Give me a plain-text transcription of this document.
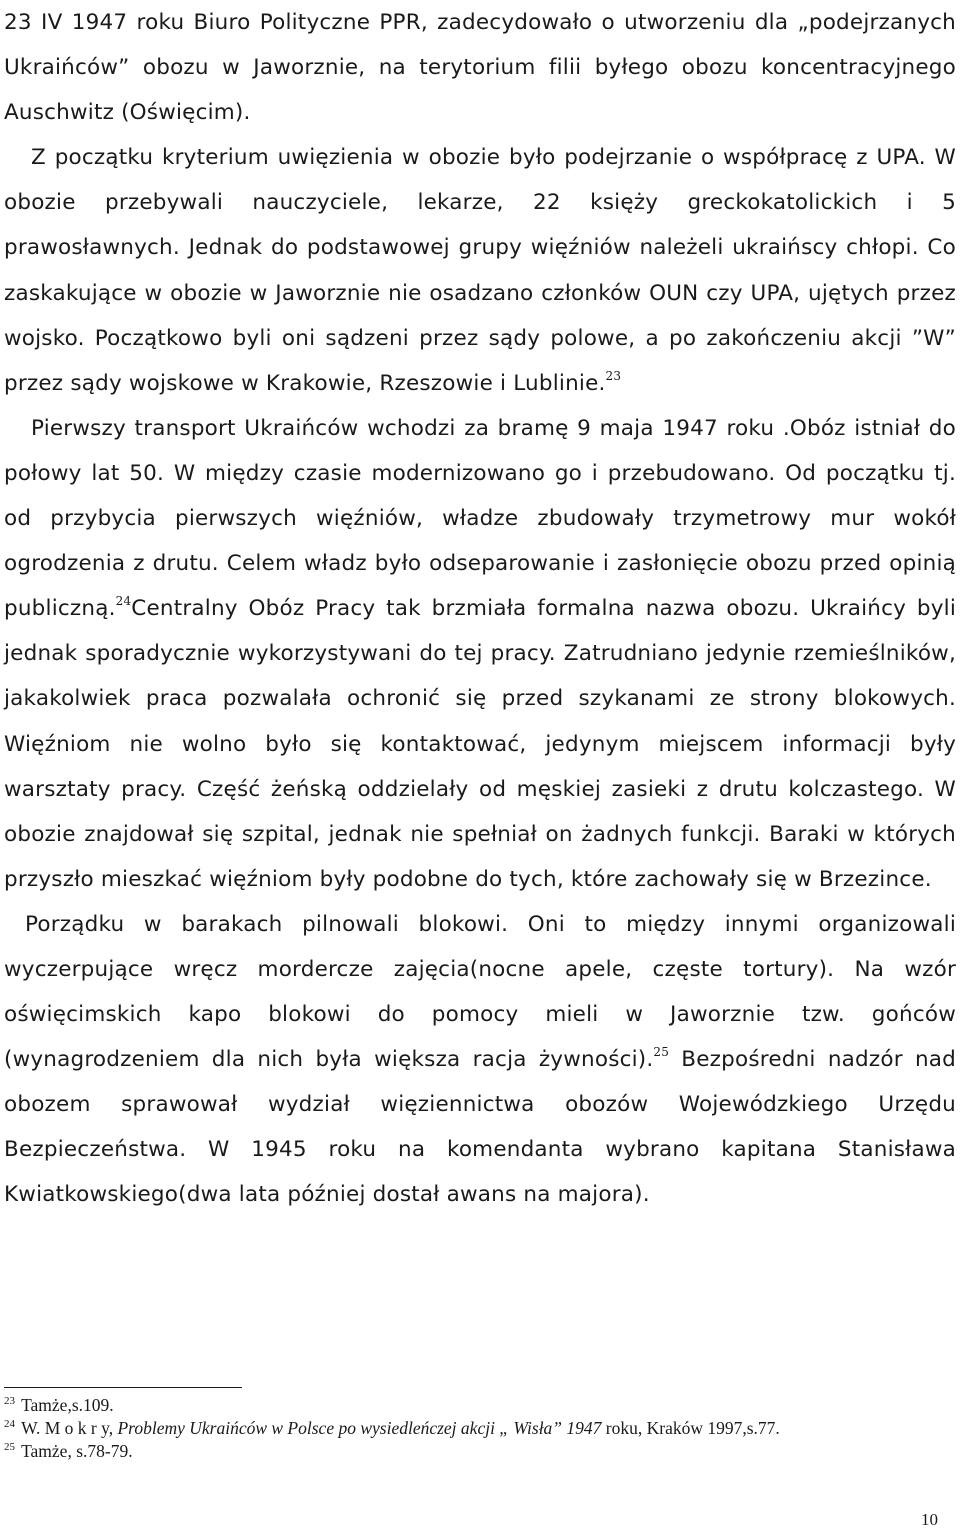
23 IV 1947 roku Biuro Polityczne PPR, zadecydowało o utworzeniu dla „podejrzanych Ukraińców” obozu w Jaworznie, na terytorium filii byłego obozu koncentracyjnego Auschwitz (Oświęcim).

Z początku kryterium uwięzienia w obozie było podejrzanie o współpracę z UPA. W obozie przebywali nauczyciele, lekarze, 22 księży greckokatolickich i 5 prawosławnych. Jednak do podstawowej grupy więźniów należeli ukraińscy chłopi. Co zaskakujące w obozie w Jaworznie nie osadzano członków OUN czy UPA, ujętych przez wojsko. Początkowo byli oni sądzeni przez sądy polowe, a po zakończeniu akcji ”W” przez sądy wojskowe w Krakowie, Rzeszowie i Lublinie.$^{23}$

Pierwszy transport Ukraińców wchodzi za bramę 9 maja 1947 roku .Obóz istniał do połowy lat 50. W między czasie modernizowano go i przebudowano. Od początku tj. od przybycia pierwszych więźniów, władze zbudowały trzymetrowy mur wokół ogrodzenia z drutu. Celem władz było odseparowanie i zasłonięcie obozu przed opinią publiczną.$^{24}$Centralny Obóz Pracy tak brzmiała formalna nazwa obozu. Ukraińcy byli jednak sporadycznie wykorzystywani do tej pracy. Zatrudniano jedynie rzemieślników, jakakolwiek praca pozwalała ochronić się przed szykanami ze strony blokowych. Więźniom nie wolno było się kontaktować, jedynym miejscem informacji były warsztaty pracy. Część żeńską oddzielały od męskiej zasieki z drutu kolczastego. W obozie znajdował się szpital, jednak nie spełniał on żadnych funkcji. Baraki w których przyszło mieszkać więźniom były podobne do tych, które zachowały się w Brzezince.

Porządku w barakach pilnowali blokowi. Oni to między innymi organizowali wyczerpujące wręcz mordercze zajęcia(nocne apele, częste tortury). Na wzór oświęcimskich kapo blokowi do pomocy mieli w Jaworznie tzw. gońców (wynagrodzeniem dla nich była większa racja żywności).$^{25}$ Bezpośredni nadzór nad obozem sprawował wydział więziennictwa obozów Wojewódzkiego Urzędu Bezpieczeństwa. W 1945 roku na komendanta wybrano kapitana Stanisława Kwiatkowskiego(dwa lata później dostał awans na majora).

$^{23}$ Tamże,s.109.

$^{24}$ W. M o k r y, Problemy Ukraińców w Polsce po wysiedleńczej akcji „ Wisła” 1947 roku, Kraków 1997,s.77.

$^{25}$ Tamże, s.78-79.

10
